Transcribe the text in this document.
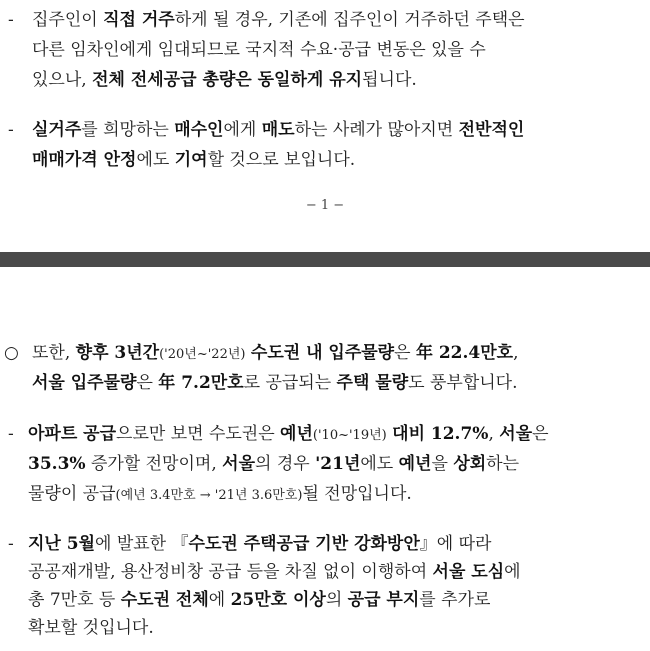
- 집주인이 직접 거주하게 될 경우, 기존에 집주인이 거주하던 주택은
다른 임차인에게 임대되므로 국지적 수요·공급 변동은 있을 수
있으나, 전체 전세공급 총량은 동일하게 유지됩니다.
- 실거주를 희망하는 매수인에게 매도하는 사례가 많아지면 전반적인
매매가격 안정에도 기여할 것으로 보입니다.
− 1 −
○ 또한, 향후 3년간('20년~'22년) 수도권 내 입주물량은 年 22.4만호,
서울 입주물량은 年 7.2만호로 공급되는 주택 물량도 풍부합니다.
- 아파트 공급으로만 보면 수도권은 예년('10~'19년) 대비 12.7%, 서울은
35.3% 증가할 전망이며, 서울의 경우 '21년에도 예년을 상회하는
물량이 공급(예년 3.4만호 → '21년 3.6만호)될 전망입니다.
- 지난 5월에 발표한 『수도권 주택공급 기반 강화방안』에 따라
공공재개발, 용산정비창 공급 등을 차질 없이 이행하여 서울 도심에
총 7만호 등 수도권 전체에 25만호 이상의 공급 부지를 추가로
확보할 것입니다.
